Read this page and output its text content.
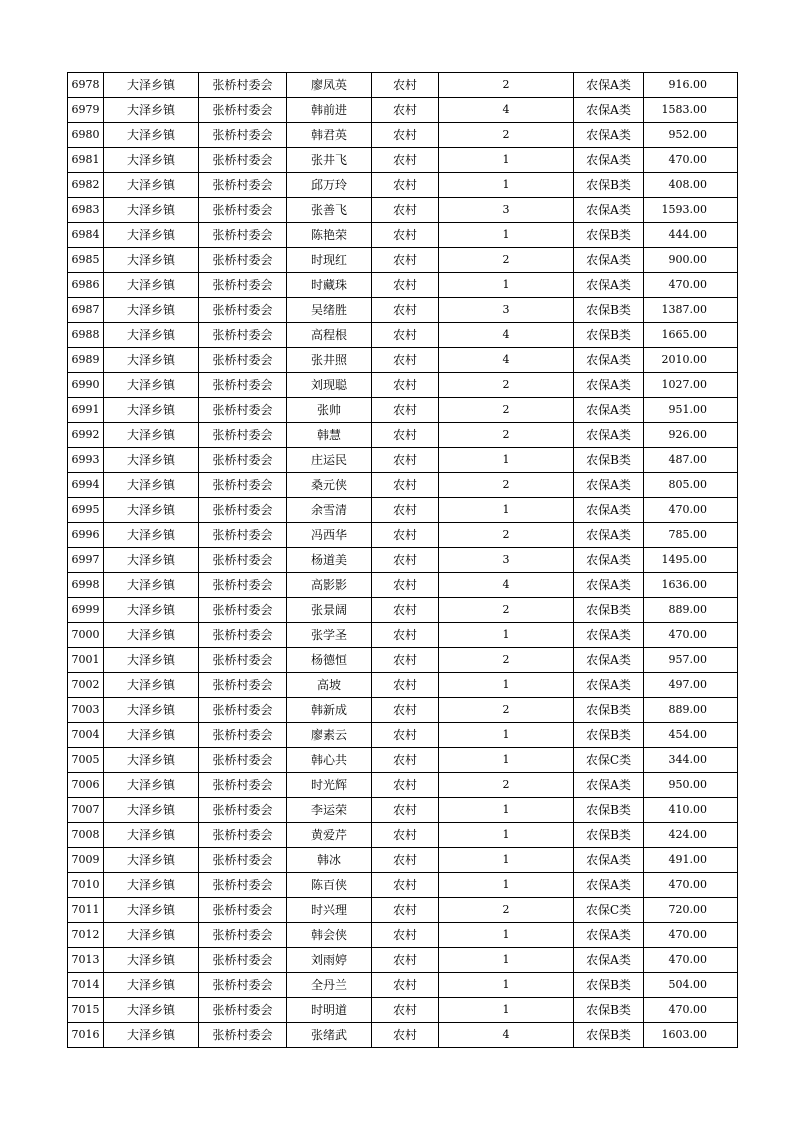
6978	大泽乡镇	张桥村委会	廖凤英	农村	2	农保A类	916.00
6979	大泽乡镇	张桥村委会	韩前进	农村	4	农保A类	1583.00
6980	大泽乡镇	张桥村委会	韩君英	农村	2	农保A类	952.00
6981	大泽乡镇	张桥村委会	张井飞	农村	1	农保A类	470.00
6982	大泽乡镇	张桥村委会	邱万玲	农村	1	农保B类	408.00
6983	大泽乡镇	张桥村委会	张善飞	农村	3	农保A类	1593.00
6984	大泽乡镇	张桥村委会	陈艳荣	农村	1	农保B类	444.00
6985	大泽乡镇	张桥村委会	时现红	农村	2	农保A类	900.00
6986	大泽乡镇	张桥村委会	时藏珠	农村	1	农保A类	470.00
6987	大泽乡镇	张桥村委会	吴绪胜	农村	3	农保B类	1387.00
6988	大泽乡镇	张桥村委会	高程根	农村	4	农保B类	1665.00
6989	大泽乡镇	张桥村委会	张井照	农村	4	农保A类	2010.00
6990	大泽乡镇	张桥村委会	刘现聪	农村	2	农保A类	1027.00
6991	大泽乡镇	张桥村委会	张帅	农村	2	农保A类	951.00
6992	大泽乡镇	张桥村委会	韩慧	农村	2	农保A类	926.00
6993	大泽乡镇	张桥村委会	庄运民	农村	1	农保B类	487.00
6994	大泽乡镇	张桥村委会	桑元侠	农村	2	农保A类	805.00
6995	大泽乡镇	张桥村委会	余雪清	农村	1	农保A类	470.00
6996	大泽乡镇	张桥村委会	冯西华	农村	2	农保A类	785.00
6997	大泽乡镇	张桥村委会	杨道美	农村	3	农保A类	1495.00
6998	大泽乡镇	张桥村委会	高影影	农村	4	农保A类	1636.00
6999	大泽乡镇	张桥村委会	张景阔	农村	2	农保B类	889.00
7000	大泽乡镇	张桥村委会	张学圣	农村	1	农保A类	470.00
7001	大泽乡镇	张桥村委会	杨德恒	农村	2	农保A类	957.00
7002	大泽乡镇	张桥村委会	高坡	农村	1	农保A类	497.00
7003	大泽乡镇	张桥村委会	韩新成	农村	2	农保B类	889.00
7004	大泽乡镇	张桥村委会	廖素云	农村	1	农保B类	454.00
7005	大泽乡镇	张桥村委会	韩心共	农村	1	农保C类	344.00
7006	大泽乡镇	张桥村委会	时光辉	农村	2	农保A类	950.00
7007	大泽乡镇	张桥村委会	李运荣	农村	1	农保B类	410.00
7008	大泽乡镇	张桥村委会	黄爱芹	农村	1	农保B类	424.00
7009	大泽乡镇	张桥村委会	韩冰	农村	1	农保A类	491.00
7010	大泽乡镇	张桥村委会	陈百侠	农村	1	农保A类	470.00
7011	大泽乡镇	张桥村委会	时兴理	农村	2	农保C类	720.00
7012	大泽乡镇	张桥村委会	韩会侠	农村	1	农保A类	470.00
7013	大泽乡镇	张桥村委会	刘雨婷	农村	1	农保A类	470.00
7014	大泽乡镇	张桥村委会	全丹兰	农村	1	农保B类	504.00
7015	大泽乡镇	张桥村委会	时明道	农村	1	农保B类	470.00
7016	大泽乡镇	张桥村委会	张绪武	农村	4	农保B类	1603.00
